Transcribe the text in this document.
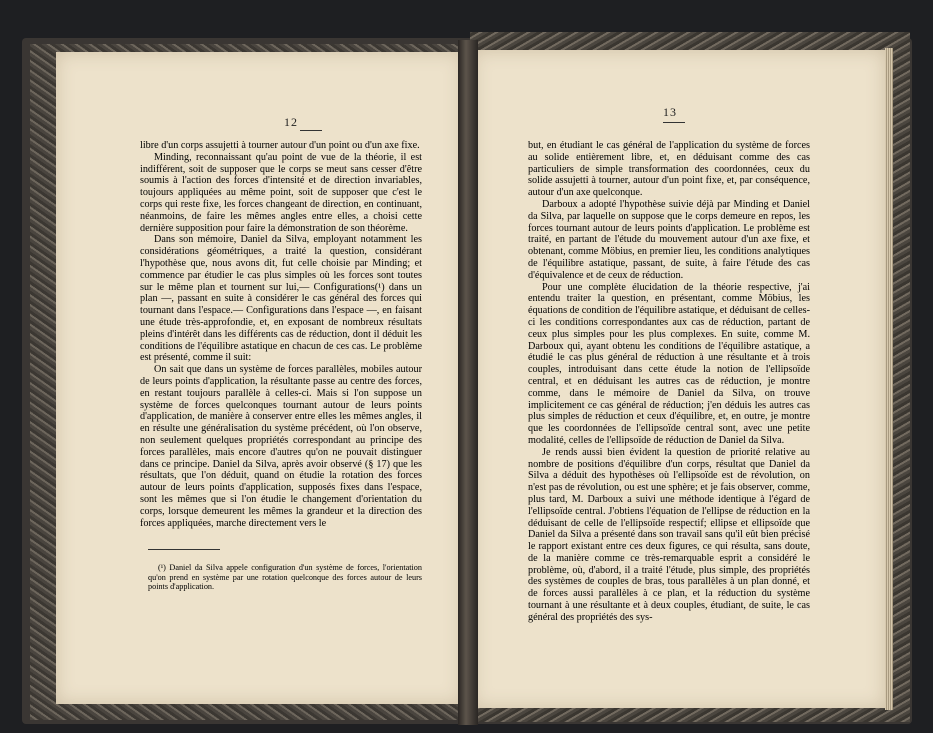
12
13

libre d'un corps assujetti à tourner autour d'un point ou d'un axe fixe.

Minding, reconnaissant qu'au point de vue de la théorie, il est indifférent, soit de supposer que le corps se meut sans cesser d'être soumis à l'action des forces d'intensité et de direction invariables, toujours appliquées au même point, soit de supposer que c'est le corps qui reste fixe, les forces changeant de direction, en continuant, néanmoins, de faire les mêmes angles entre elles, a choisi cette dernière supposition pour faire la démonstration de son théorème.

Dans son mémoire, Daniel da Silva, employant notamment les considérations géométriques, a traité la question, considérant l'hypothèse que, nous avons dit, fut celle choisie par Minding; et commence par étudier le cas plus simples où les forces sont toutes sur le même plan et tournent sur lui,— Configurations(¹) dans un plan —, passant en suite à considérer le cas général des forces qui tournant dans l'espace.— Configurations dans l'espace —, en faisant une étude très-approfondie, et, en exposant de nombreux résultats pleins d'intérêt dans les différents cas de réduction, dont il déduit les conditions de l'équilibre astatique en chacun de ces cas. Le problème est présenté, comme il suit:

On sait que dans un système de forces parallèles, mobiles autour de leurs points d'application, la résultante passe au centre des forces, en restant toujours parallèle à celles-ci. Mais si l'on suppose un système de forces quelconques tournant autour de leurs points d'application, de manière à conserver entre elles les mêmes angles, il en résulte une généralisation du système précédent, où l'on observe, non seulement quelques propriétés correspondant au principe des forces parallèles, mais encore d'autres qu'on ne pouvait distinguer dans ce principe. Daniel da Silva, après avoir observé (§ 17) que les résultats, que l'on déduit, quand on étudie la rotation des forces autour de leurs points d'application, supposés fixes dans l'espace, sont les mêmes que si l'on étudie le changement d'orientation du corps, lorsque demeurent les mêmes la grandeur et la direction des forces appliquées, marche directement vers le

(¹) Daniel da Silva appele configuration d'un système de forces, l'orientation qu'on prend en système par une rotation quelconque des forces autour de leurs points d'application.

but, en étudiant le cas général de l'application du système de forces au solide entièrement libre, et, en déduisant comme des cas particuliers de simple transformation des coordonnées, ceux du solide assujetti à tourner, autour d'un point fixe, et, par conséquence, autour d'un axe quelconque.

Darboux a adopté l'hypothèse suivie déjà par Minding et Daniel da Silva, par laquelle on suppose que le corps demeure en repos, les forces tournant autour de leurs points d'application. Le problème est traité, en partant de l'étude du mouvement autour d'un axe fixe, et obtenant, comme Möbius, en premier lieu, les conditions analytiques de l'équilibre astatique, passant, de suite, à faire l'étude des cas d'équivalence et de ceux de réduction.

Pour une complète élucidation de la théorie respective, j'ai entendu traiter la question, en présentant, comme Möbius, les équations de condition de l'équilibre astatique, et déduisant de celles-ci les conditions correspondantes aux cas de réduction, partant de ceux plus simples pour les plus complexes. En suite, comme M. Darboux qui, ayant obtenu les conditions de l'équilibre astatique, a étudié le cas plus général de réduction à une résultante et à trois couples, introduisant dans cette étude la notion de l'ellipsoïde central, et en déduisant les autres cas de réduction, je montre comme, dans le mémoire de Daniel da Silva, on trouve implicitement ce cas général de réduction; j'en déduis les autres cas plus simples de réduction et ceux d'équilibre, et, en outre, je montre que les coordonnées de l'ellipsoïde central sont, avec une petite modalité, celles de l'ellipsoïde de réduction de Daniel da Silva.

Je rends aussi bien évident la question de priorité relative au nombre de positions d'équilibre d'un corps, résultat que Daniel da Silva a déduit des hypothèses où l'ellipsoïde est de révolution, on n'est pas de révolution, ou est une sphère; et je fais observer, comme, plus tard, M. Darboux a suivi une méthode identique à l'égard de l'ellipsoïde central. J'obtiens l'équation de l'ellipse de réduction en la déduisant de celle de l'ellipsoïde respectif; ellipse et ellipsoïde que Daniel da Silva a présenté dans son travail sans qu'il eût bien précisé le rapport existant entre ces deux figures, ce qui résulta, sans doute, de la manière comme ce très-remarquable esprit a considéré le problème, où, d'abord, il a traité l'étude, plus simple, des propriétés des systèmes de couples de bras, tous parallèles à un plan donné, et de forces aussi parallèles à ce plan, et la réduction du système tournant à une résultante et à deux couples, étudiant, de suite, le cas général des propriétés des sys-
